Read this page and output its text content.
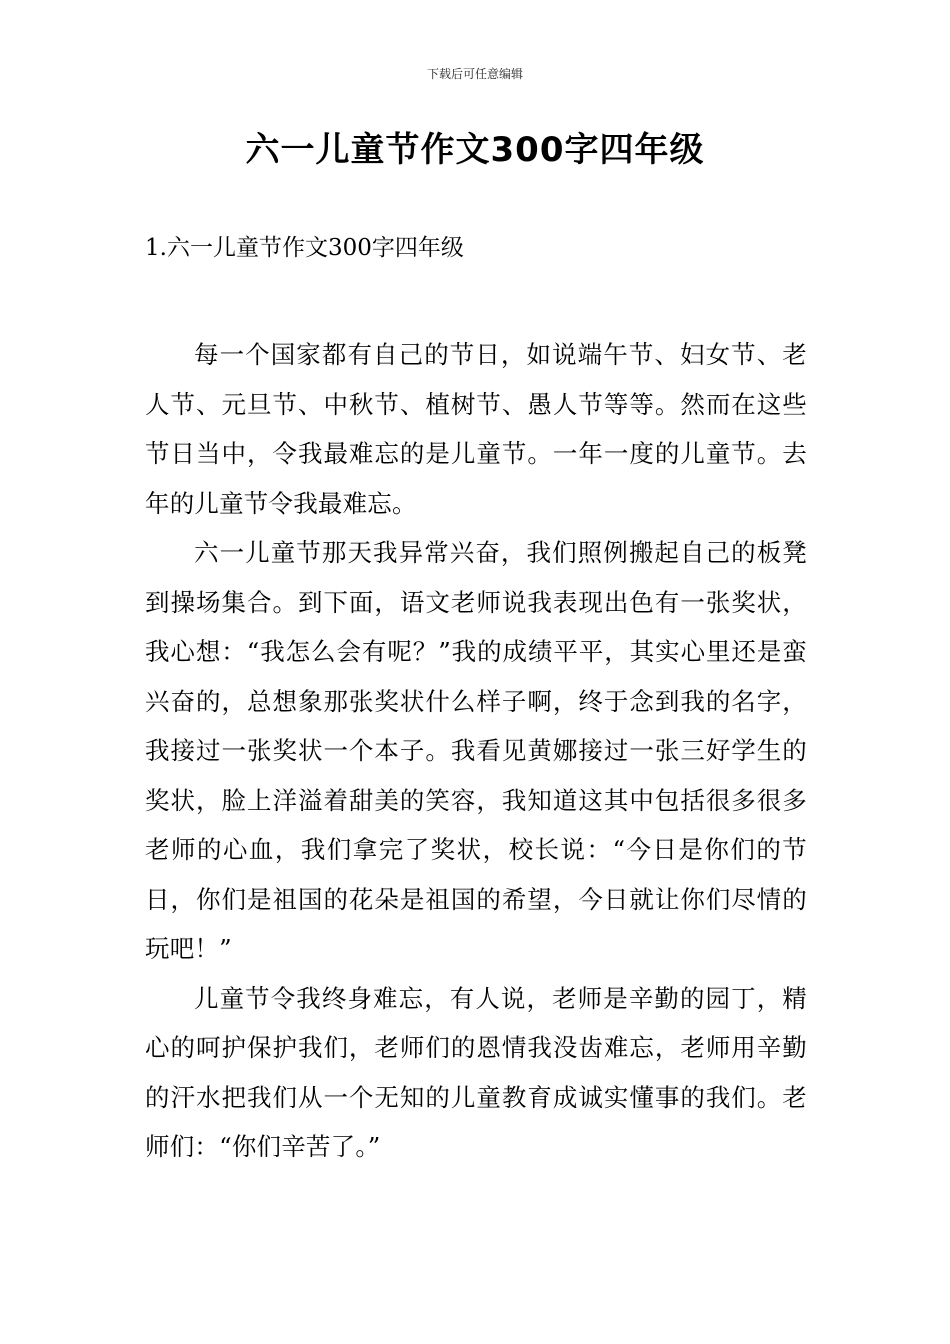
下载后可任意编辑
六一儿童节作文300字四年级
1.六一儿童节作文300字四年级

每一个国家都有自己的节日，如说端午节、妇女节、老人节、元旦节、中秋节、植树节、愚人节等等。然而在这些节日当中，令我最难忘的是儿童节。一年一度的儿童节。去年的儿童节令我最难忘。

六一儿童节那天我异常兴奋，我们照例搬起自己的板凳到操场集合。到下面，语文老师说我表现出色有一张奖状，我心想：“我怎么会有呢？”我的成绩平平，其实心里还是蛮兴奋的，总想象那张奖状什么样子啊，终于念到我的名字，我接过一张奖状一个本子。我看见黄娜接过一张三好学生的奖状，脸上洋溢着甜美的笑容，我知道这其中包括很多很多老师的心血，我们拿完了奖状，校长说：“今日是你们的节日，你们是祖国的花朵是祖国的希望，今日就让你们尽情的玩吧！”

儿童节令我终身难忘，有人说，老师是辛勤的园丁，精心的呵护保护我们，老师们的恩情我没齿难忘，老师用辛勤的汗水把我们从一个无知的儿童教育成诚实懂事的我们。老师们：“你们辛苦了。”
